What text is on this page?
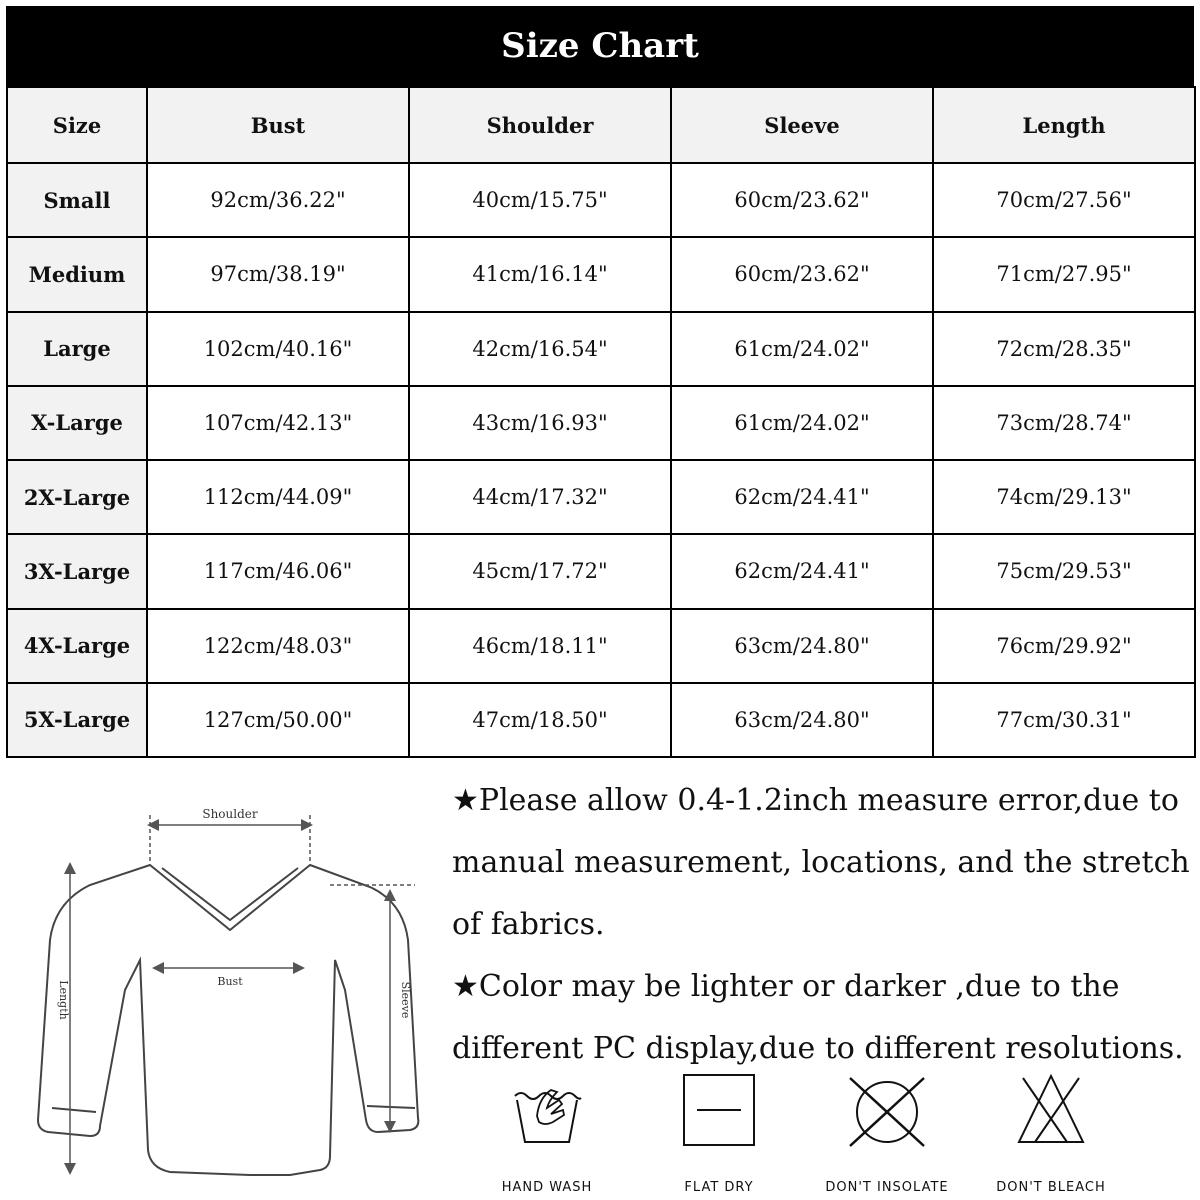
Size Chart
Size	Bust	Shoulder	Sleeve	Length
Small	92cm/36.22"	40cm/15.75"	60cm/23.62"	70cm/27.56"
Medium	97cm/38.19"	41cm/16.14"	60cm/23.62"	71cm/27.95"
Large	102cm/40.16"	42cm/16.54"	61cm/24.02"	72cm/28.35"
X-Large	107cm/42.13"	43cm/16.93"	61cm/24.02"	73cm/28.74"
2X-Large	112cm/44.09"	44cm/17.32"	62cm/24.41"	74cm/29.13"
3X-Large	117cm/46.06"	45cm/17.72"	62cm/24.41"	75cm/29.53"
4X-Large	122cm/48.03"	46cm/18.11"	63cm/24.80"	76cm/29.92"
5X-Large	127cm/50.00"	47cm/18.50"	63cm/24.80"	77cm/30.31"
Shoulder
Bust
Length	Sleeve

★Please allow 0.4-1.2inch measure error,due to manual measurement, locations, and the stretch of fabrics.

★Color may be lighter or darker ,due to the different PC display,due to different resolutions.

HAND WASH	FLAT DRY	DON'T INSOLATE	DON'T BLEACH
